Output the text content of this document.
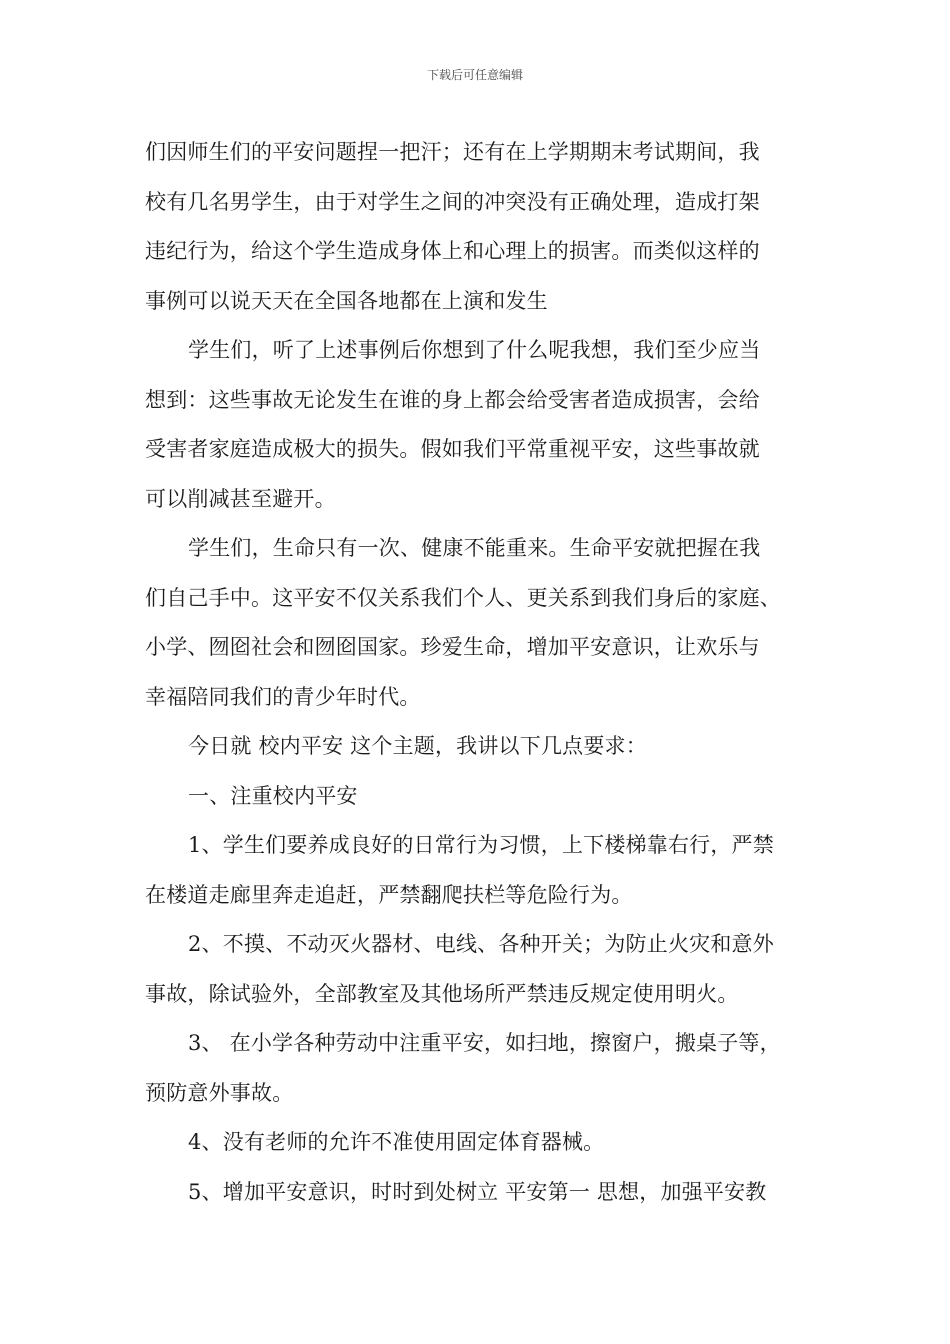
下载后可任意编辑
们因师生们的平安问题捏一把汗；还有在上学期期末考试期间，我
校有几名男学生，由于对学生之间的冲突没有正确处理，造成打架
违纪行为，给这个学生造成身体上和心理上的损害。而类似这样的
事例可以说天天在全国各地都在上演和发生
学生们，听了上述事例后你想到了什么呢我想，我们至少应当
想到：这些事故无论发生在谁的身上都会给受害者造成损害，会给
受害者家庭造成极大的损失。假如我们平常重视平安，这些事故就
可以削减甚至避开。
学生们，生命只有一次、健康不能重来。生命平安就把握在我
们自己手中。这平安不仅关系我们个人、更关系到我们身后的家庭、
小学、囫囵社会和囫囵国家。珍爱生命，增加平安意识，让欢乐与
幸福陪同我们的青少年时代。
今日就 校内平安 这个主题，我讲以下几点要求：
一、注重校内平安
1、学生们要养成良好的日常行为习惯，上下楼梯靠右行，严禁
在楼道走廊里奔走追赶，严禁翻爬扶栏等危险行为。
2、不摸、不动灭火器材、电线、各种开关；为防止火灾和意外
事故，除试验外，全部教室及其他场所严禁违反规定使用明火。
3、 在小学各种劳动中注重平安，如扫地，擦窗户，搬桌子等，
预防意外事故。
4、没有老师的允许不准使用固定体育器械。
5、增加平安意识，时时到处树立 平安第一 思想，加强平安教
